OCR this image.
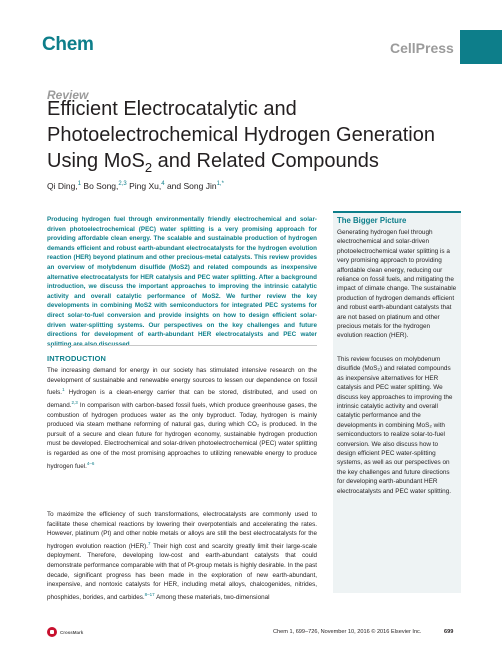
Chem	CellPress
Review
Efficient Electrocatalytic and Photoelectrochemical Hydrogen Generation Using MoS$_2$ and Related Compounds
Qi Ding,$^1$ Bo Song,$^{2,3}$ Ping Xu,$^4$ and Song Jin$^{1,*}$

Producing hydrogen fuel through environmentally friendly electrochemical and solar-driven photoelectrochemical (PEC) water splitting is a very promising approach for providing affordable clean energy. The scalable and sustainable production of hydrogen demands efficient and robust earth-abundant electrocatalysts for the hydrogen evolution reaction (HER) beyond platinum and other precious-metal catalysts. This review provides an overview of molybdenum disulfide (MoS2) and related compounds as inexpensive alternative electrocatalysts for HER catalysis and PEC water splitting. After a background introduction, we discuss the important approaches to improving the intrinsic catalytic activity and overall catalytic performance of MoS2. We further review the key developments in combining MoS2 with semiconductors for integrated PEC systems for direct solar-to-fuel conversion and provide insights on how to design efficient solar-driven water-splitting systems. Our perspectives on the key challenges and future directions for development of earth-abundant HER electrocatalysts and PEC water splitting are also discussed.

INTRODUCTION

The increasing demand for energy in our society has stimulated intensive research on the development of sustainable and renewable energy sources to lessen our dependence on fossil fuels.$^1$ Hydrogen is a clean-energy carrier that can be stored, distributed, and used on demand.$^{2,3}$ In comparison with carbon-based fossil fuels, which produce greenhouse gases, the combustion of hydrogen produces water as the only byproduct. Today, hydrogen is mainly produced via steam methane reforming of natural gas, during which CO₂ is produced. In the pursuit of a secure and clean future for hydrogen economy, sustainable hydrogen production must be developed. Electrochemical and solar-driven photoelectrochemical (PEC) water splitting is regarded as one of the most promising approaches to utilizing renewable energy to produce hydrogen fuel.$^{4-6}$

To maximize the efficiency of such transformations, electrocatalysts are commonly used to facilitate these chemical reactions by lowering their overpotentials and accelerating the rates. However, platinum (Pt) and other noble metals or alloys are still the best electrocatalysts for the hydrogen evolution reaction (HER).$^7$ Their high cost and scarcity greatly limit their large-scale deployment. Therefore, developing low-cost and earth-abundant catalysts that could demonstrate performance comparable with that of Pt-group metals is highly desirable. In the past decade, significant progress has been made in the exploration of new earth-abundant, inexpensive, and nontoxic catalysts for HER, including metal alloys, chalcogenides, nitrides, phosphides, borides, and carbides.$^{8-17}$ Among these materials, two-dimensional

The Bigger Picture

Generating hydrogen fuel through electrochemical and solar-driven photoelectrochemical water splitting is a very promising approach to providing affordable clean energy, reducing our reliance on fossil fuels, and mitigating the impact of climate change. The sustainable production of hydrogen demands efficient and robust earth-abundant catalysts that are not based on platinum and other precious metals for the hydrogen evolution reaction (HER).

This review focuses on molybdenum disulfide (MoS₂) and related compounds as inexpensive alternatives for HER catalysis and PEC water splitting. We discuss key approaches to improving the intrinsic catalytic activity and overall catalytic performance and the developments in combining MoS₂ with semiconductors to realize solar-to-fuel conversion. We also discuss how to design efficient PEC water-splitting systems, as well as our perspectives on the key challenges and future directions for developing earth-abundant HER electrocatalysts and PEC water splitting.

CrossMark	Chem 1, 699–726, November 10, 2016 © 2016 Elsevier Inc.	699
